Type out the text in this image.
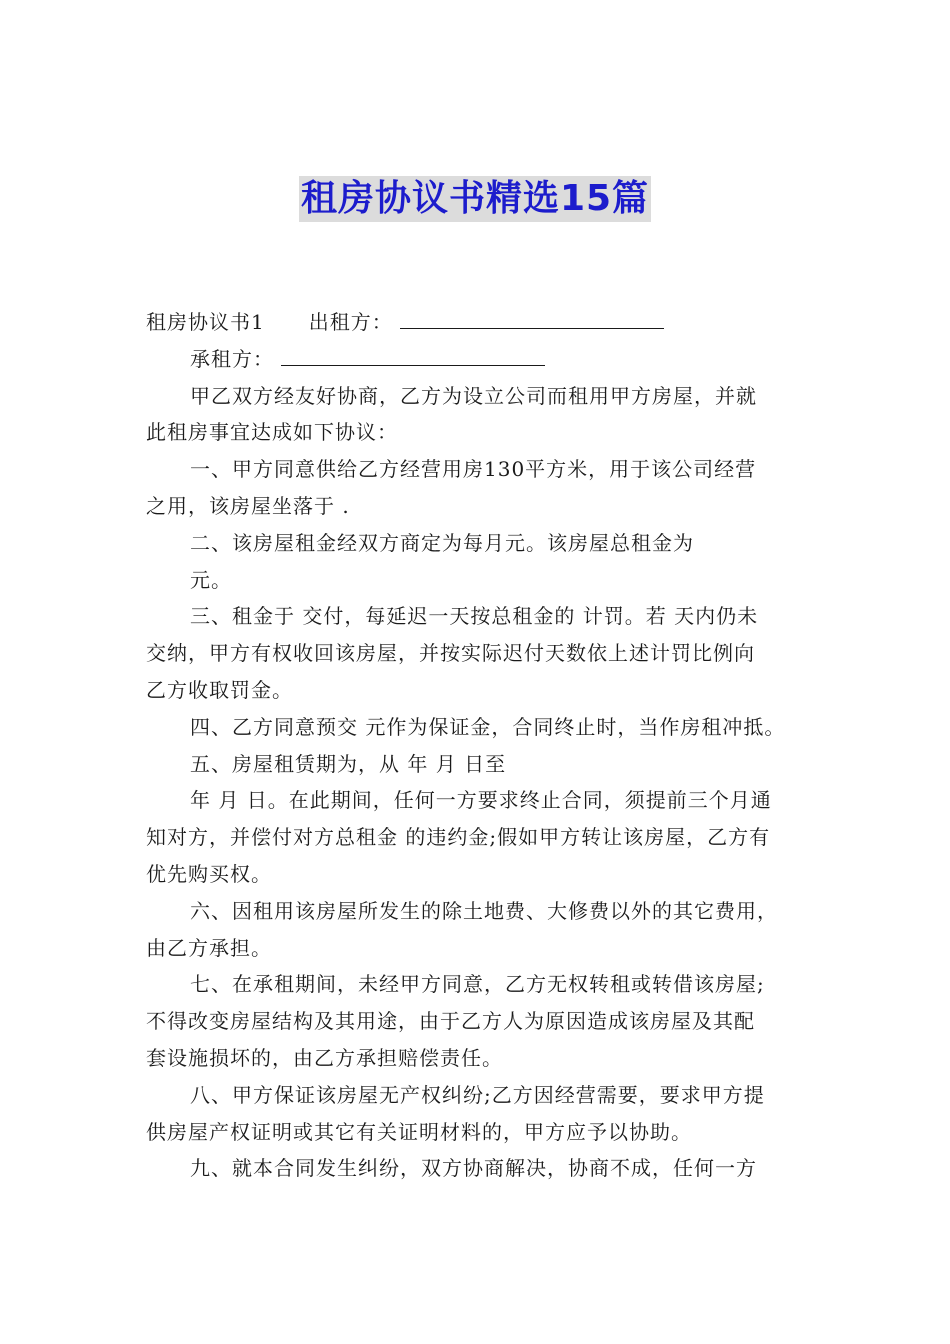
租房协议书精选15篇
租房协议书1 出租方：
承租方：
甲乙双方经友好协商，乙方为设立公司而租用甲方房屋，并就
此租房事宜达成如下协议：
一、甲方同意供给乙方经营用房130平方米，用于该公司经营
之用，该房屋坐落于 .
二、该房屋租金经双方商定为每月元。该房屋总租金为
元。
三、租金于 交付，每延迟一天按总租金的 计罚。若 天内仍未
交纳，甲方有权收回该房屋，并按实际迟付天数依上述计罚比例向
乙方收取罚金。
四、乙方同意预交 元作为保证金，合同终止时，当作房租冲抵。
五、房屋租赁期为，从 年 月 日至
年 月 日。在此期间，任何一方要求终止合同，须提前三个月通
知对方，并偿付对方总租金 的违约金;假如甲方转让该房屋，乙方有
优先购买权。
六、因租用该房屋所发生的除土地费、大修费以外的其它费用，
由乙方承担。
七、在承租期间，未经甲方同意，乙方无权转租或转借该房屋;
不得改变房屋结构及其用途，由于乙方人为原因造成该房屋及其配
套设施损坏的，由乙方承担赔偿责任。
八、甲方保证该房屋无产权纠纷;乙方因经营需要，要求甲方提
供房屋产权证明或其它有关证明材料的，甲方应予以协助。
九、就本合同发生纠纷，双方协商解决，协商不成，任何一方
